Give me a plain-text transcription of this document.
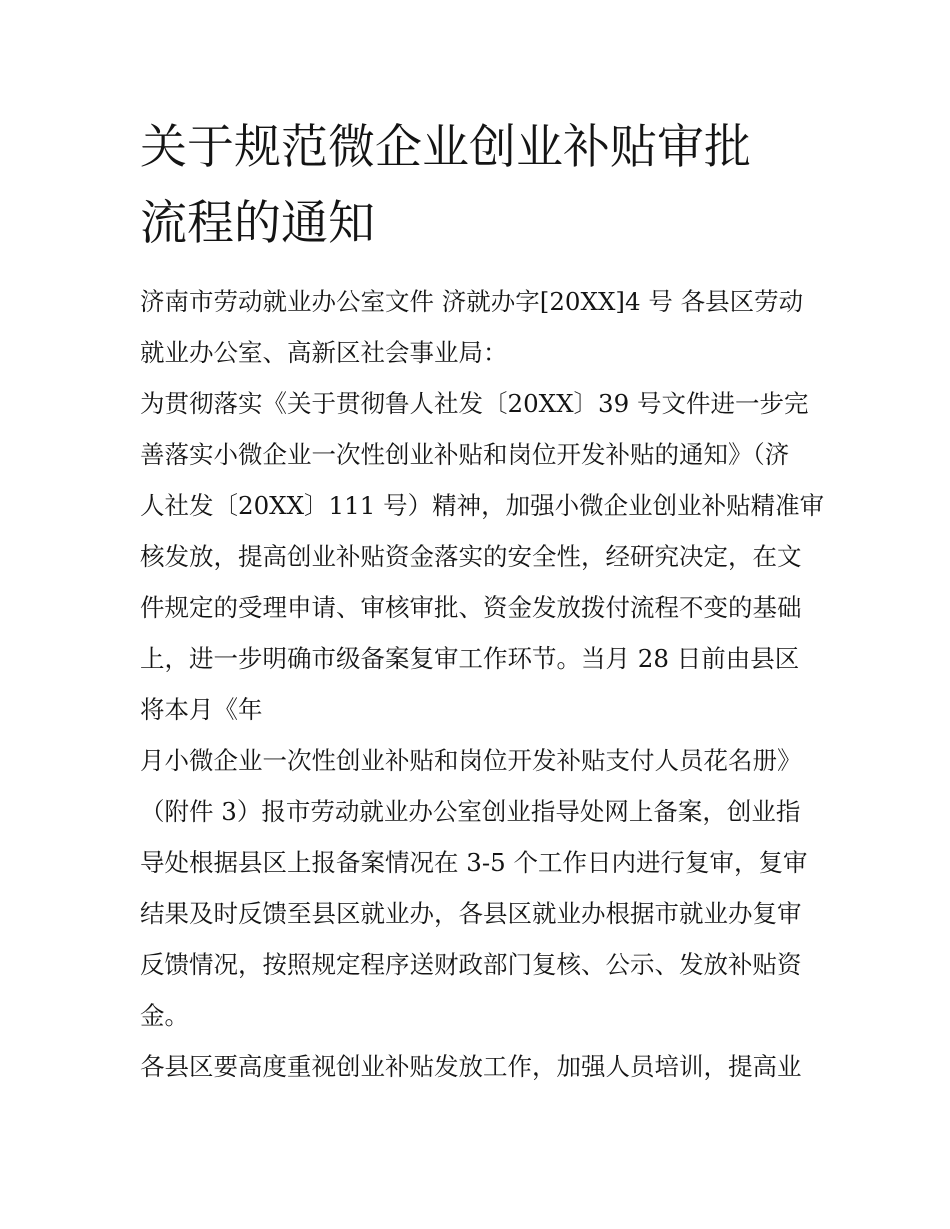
关于规范微企业创业补贴审批
流程的通知
济南市劳动就业办公室文件 济就办字[20XX]4 号 各县区劳动
就业办公室、高新区社会事业局：
为贯彻落实《关于贯彻鲁人社发〔20XX〕39 号文件进一步完
善落实小微企业一次性创业补贴和岗位开发补贴的通知》（济
人社发〔20XX〕111 号）精神，加强小微企业创业补贴精准审
核发放，提高创业补贴资金落实的安全性，经研究决定，在文
件规定的受理申请、审核审批、资金发放拨付流程不变的基础
上，进一步明确市级备案复审工作环节。当月 28 日前由县区
将本月《年
月小微企业一次性创业补贴和岗位开发补贴支付人员花名册》
（附件 3）报市劳动就业办公室创业指导处网上备案，创业指
导处根据县区上报备案情况在 3-5 个工作日内进行复审，复审
结果及时反馈至县区就业办，各县区就业办根据市就业办复审
反馈情况，按照规定程序送财政部门复核、公示、发放补贴资
金。
各县区要高度重视创业补贴发放工作，加强人员培训，提高业
